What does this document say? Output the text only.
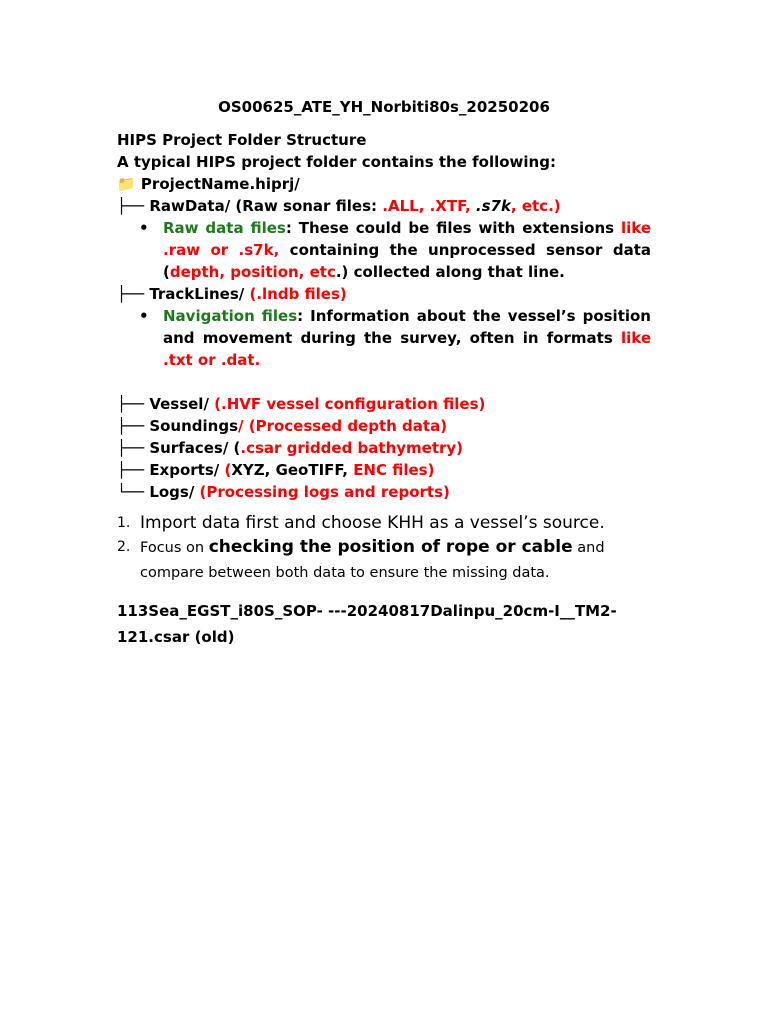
OS00625_ATE_YH_Norbiti80s_20250206
HIPS Project Folder Structure
A typical HIPS project folder contains the following:
📁 ProjectName.hiprj/
├── RawData/ (Raw sonar files: .ALL, .XTF, .s7k, etc.)
• Raw data files: These could be files with extensions like .raw or .s7k, containing the unprocessed sensor data (depth, position, etc.) collected along that line.
├── TrackLines/ (.lndb files)
• Navigation files: Information about the vessel’s position and movement during the survey, often in formats like .txt or .dat.
├── Vessel/ (.HVF vessel configuration files)
├── Soundings/ (Processed depth data)
├── Surfaces/ (.csar gridded bathymetry)
├── Exports/ (XYZ, GeoTIFF, ENC files)
└── Logs/ (Processing logs and reports)
1. Import data first and choose KHH as a vessel’s source.
2. Focus on checking the position of rope or cable and compare between both data to ensure the missing data.
113Sea_EGST_i80S_SOP- ---20240817Dalinpu_20cm-I__TM2-121.csar (old)
